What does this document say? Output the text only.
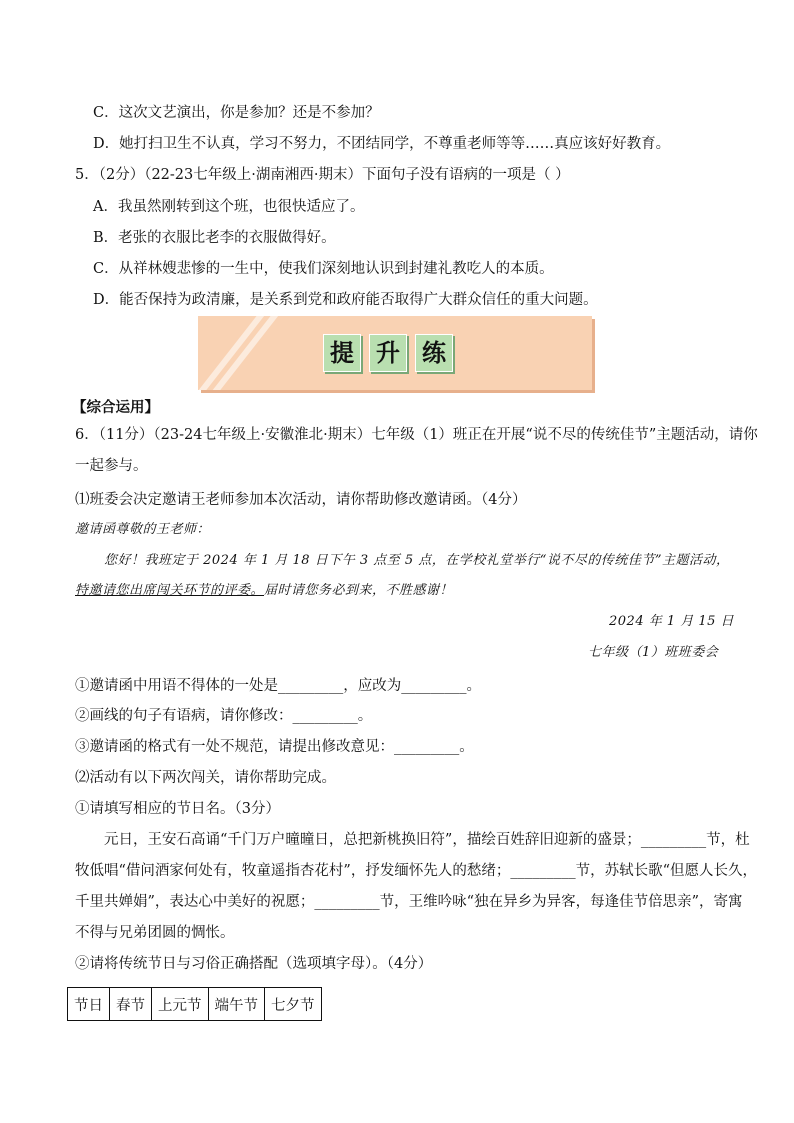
C．这次文艺演出，你是参加？还是不参加？
D．她打扫卫生不认真，学习不努力，不团结同学，不尊重老师等等……真应该好好教育。
5．（2分）（22-23七年级上·湖南湘西·期末）下面句子没有语病的一项是（ ）
A．我虽然刚转到这个班，也很快适应了。
B．老张的衣服比老李的衣服做得好。
C．从祥林嫂悲惨的一生中，使我们深刻地认识到封建礼教吃人的本质。
D．能否保持为政清廉，是关系到党和政府能否取得广大群众信任的重大问题。
提 升 练
【综合运用】
6．（11分）（23-24七年级上·安徽淮北·期末）七年级（1）班正在开展“说不尽的传统佳节”主题活动，请你
一起参与。
⑴班委会决定邀请王老师参加本次活动，请你帮助修改邀请函。（4分）
邀请函尊敬的王老师：
您好！我班定于 2024 年 1 月 18 日下午 3 点至 5 点，在学校礼堂举行“说不尽的传统佳节”主题活动，
特邀请您出席闯关环节的评委。届时请您务必到来，不胜感谢！
2024 年 1 月 15 日
七年级（1）班班委会
①邀请函中用语不得体的一处是_________，应改为_________。
②画线的句子有语病，请你修改：_________。
③邀请函的格式有一处不规范，请提出修改意见：_________。
⑵活动有以下两次闯关，请你帮助完成。
①请填写相应的节日名。（3分）
元日，王安石高诵“千门万户曈曈日，总把新桃换旧符”，描绘百姓辞旧迎新的盛景；_________节，杜
牧低唱“借问酒家何处有，牧童遥指杏花村”，抒发缅怀先人的愁绪；_________节，苏轼长歌“但愿人长久，
千里共婵娟”，表达心中美好的祝愿；_________节，王维吟咏“独在异乡为异客，每逢佳节倍思亲”，寄寓
不得与兄弟团圆的惆怅。
②请将传统节日与习俗正确搭配（选项填字母）。（4分）
节日	春节	上元节	端午节	七夕节
